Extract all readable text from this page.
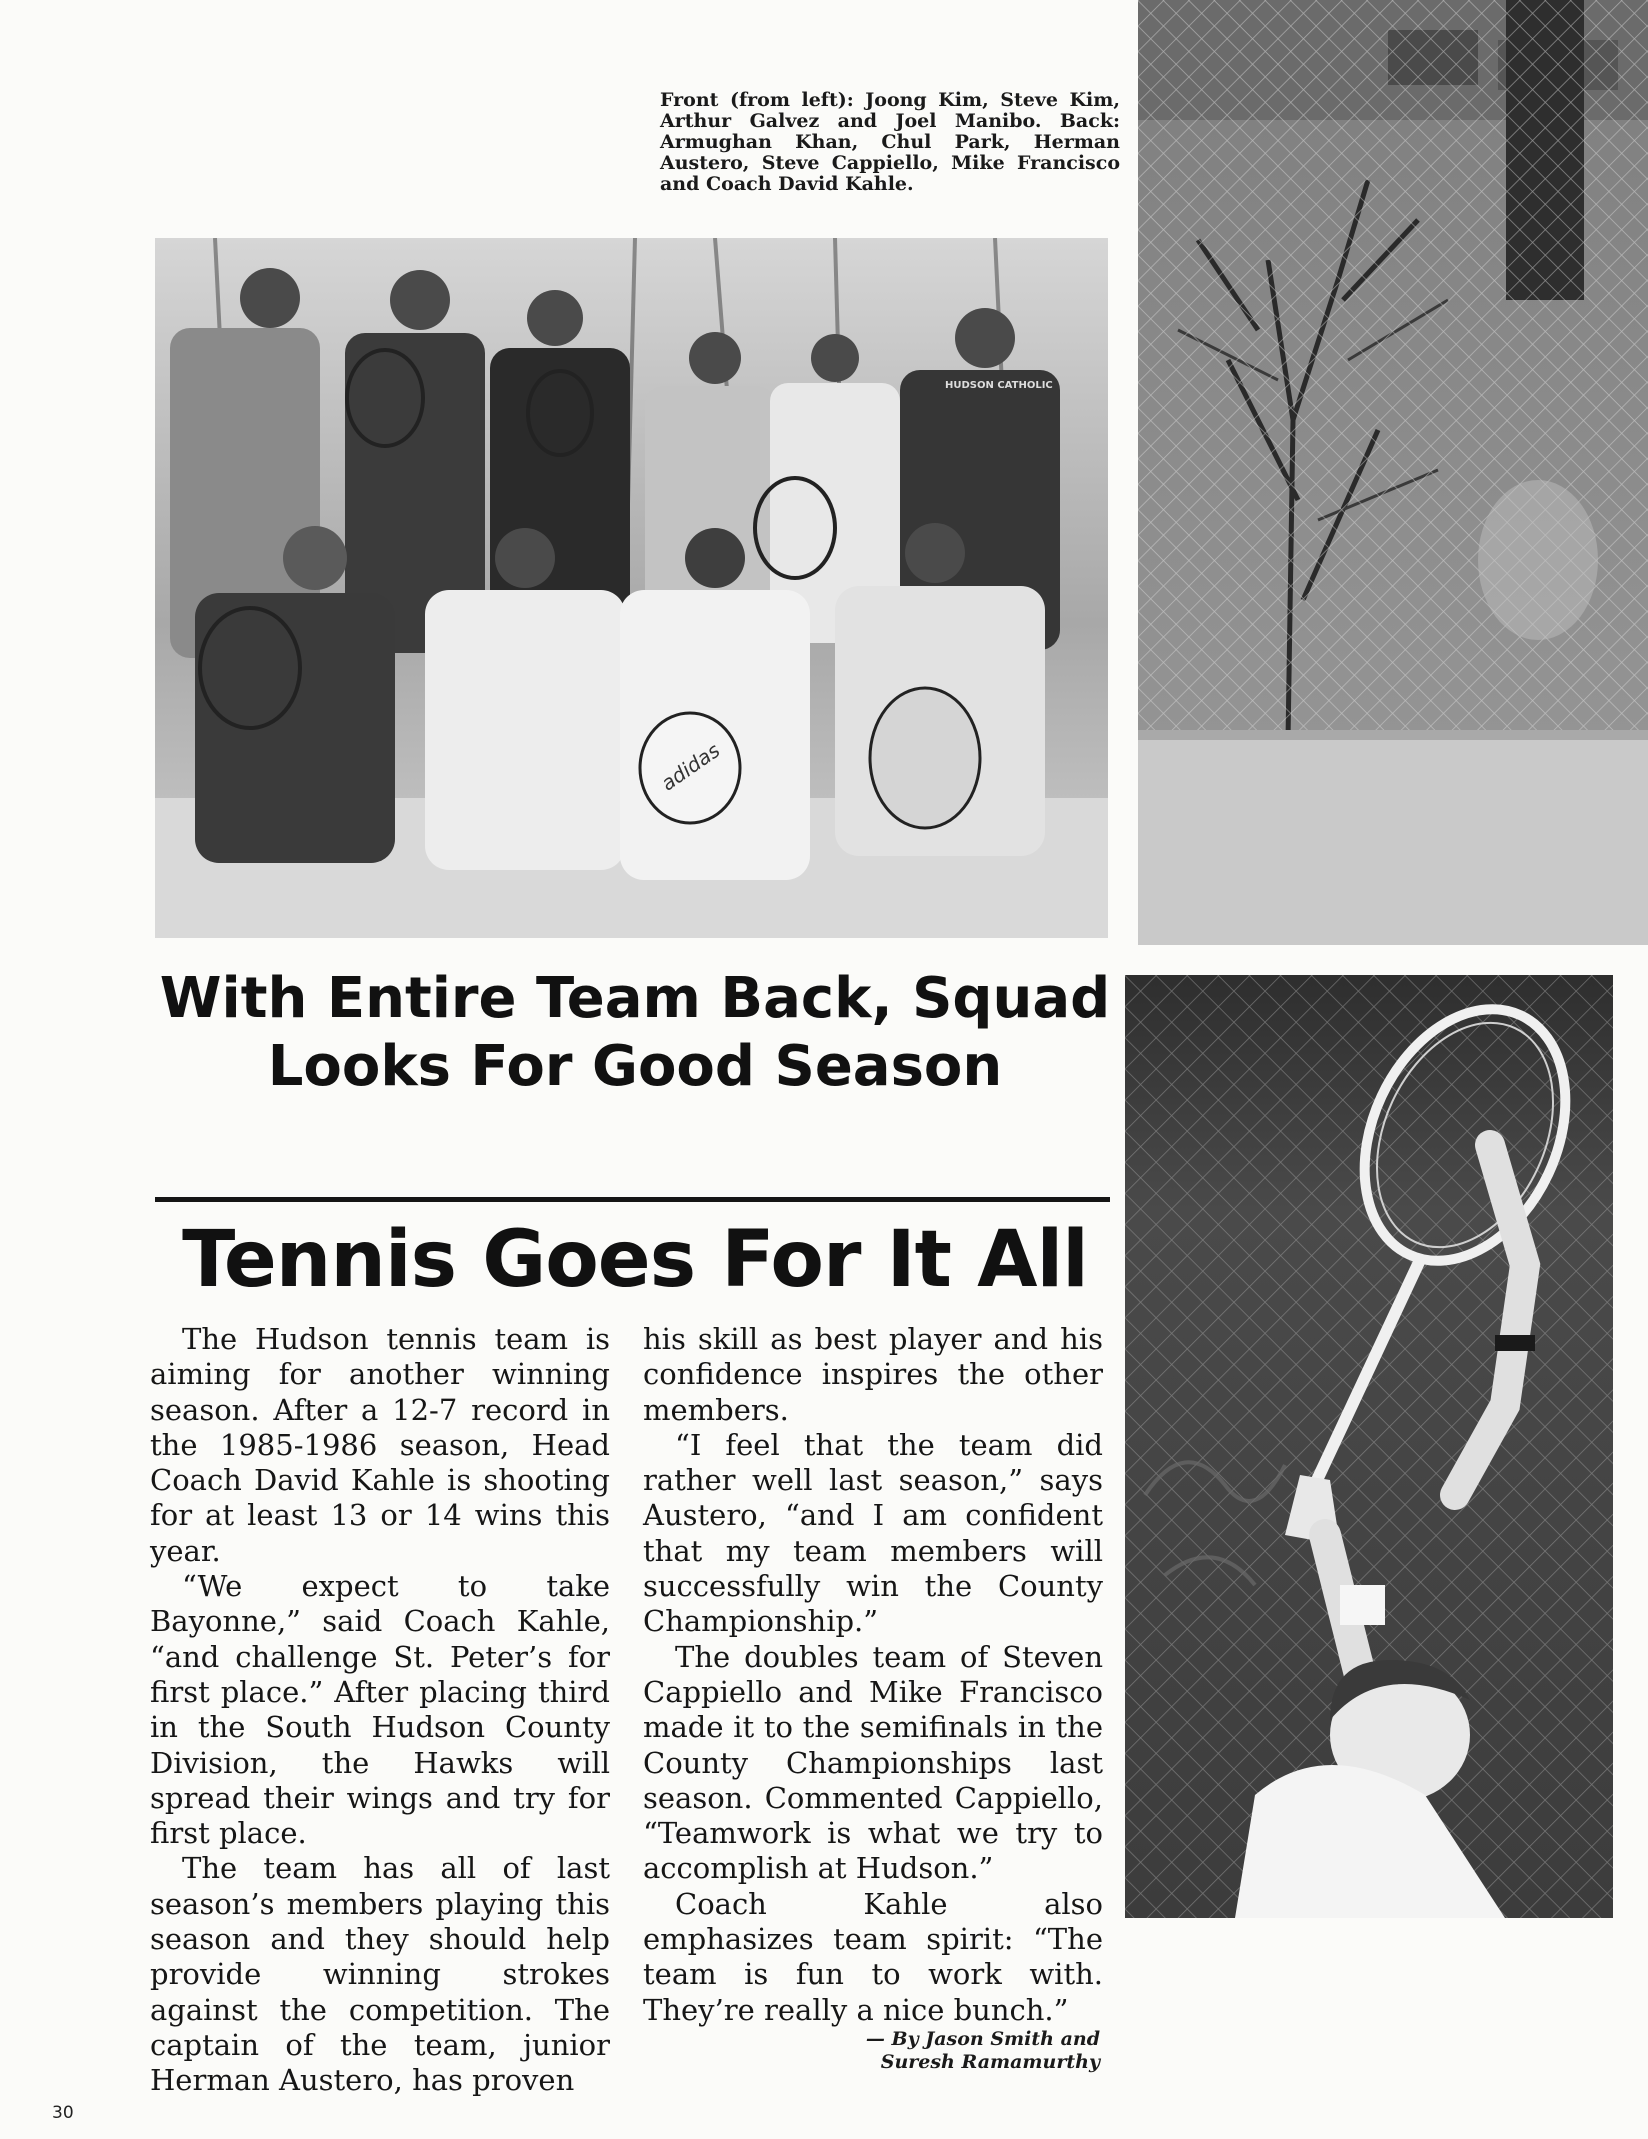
HUDSON CATHOLIC
adidas
Front (from left): Joong Kim, Steve Kim, Arthur Galvez and Joel Manibo. Back: Armughan Khan, Chul Park, Herman Austero, Steve Cappiello, Mike Francisco and Coach David Kahle.
With Entire Team Back, Squad Looks For Good Season
Tennis Goes For It All

The Hudson tennis team is aiming for another winning season. After a 12-7 record in the 1985-1986 season, Head Coach David Kahle is shooting for at least 13 or 14 wins this year.

“We expect to take Bayonne,” said Coach Kahle, “and challenge St. Peter’s for first place.” After placing third in the South Hudson County Division, the Hawks will spread their wings and try for first place.

The team has all of last season’s members playing this season and they should help provide winning strokes against the competition. The captain of the team, junior Herman Austero, has proven

his skill as best player and his confidence inspires the other members.

“I feel that the team did rather well last season,” says Austero, “and I am confident that my team members will successfully win the County Championship.”

The doubles team of Steven Cappiello and Mike Francisco made it to the semifinals in the County Championships last season. Commented Cappiello, “Teamwork is what we try to accomplish at Hudson.”

Coach Kahle also emphasizes team spirit: “The team is fun to work with. They’re really a nice bunch.”

— By Jason Smith and
Suresh Ramamurthy
30
